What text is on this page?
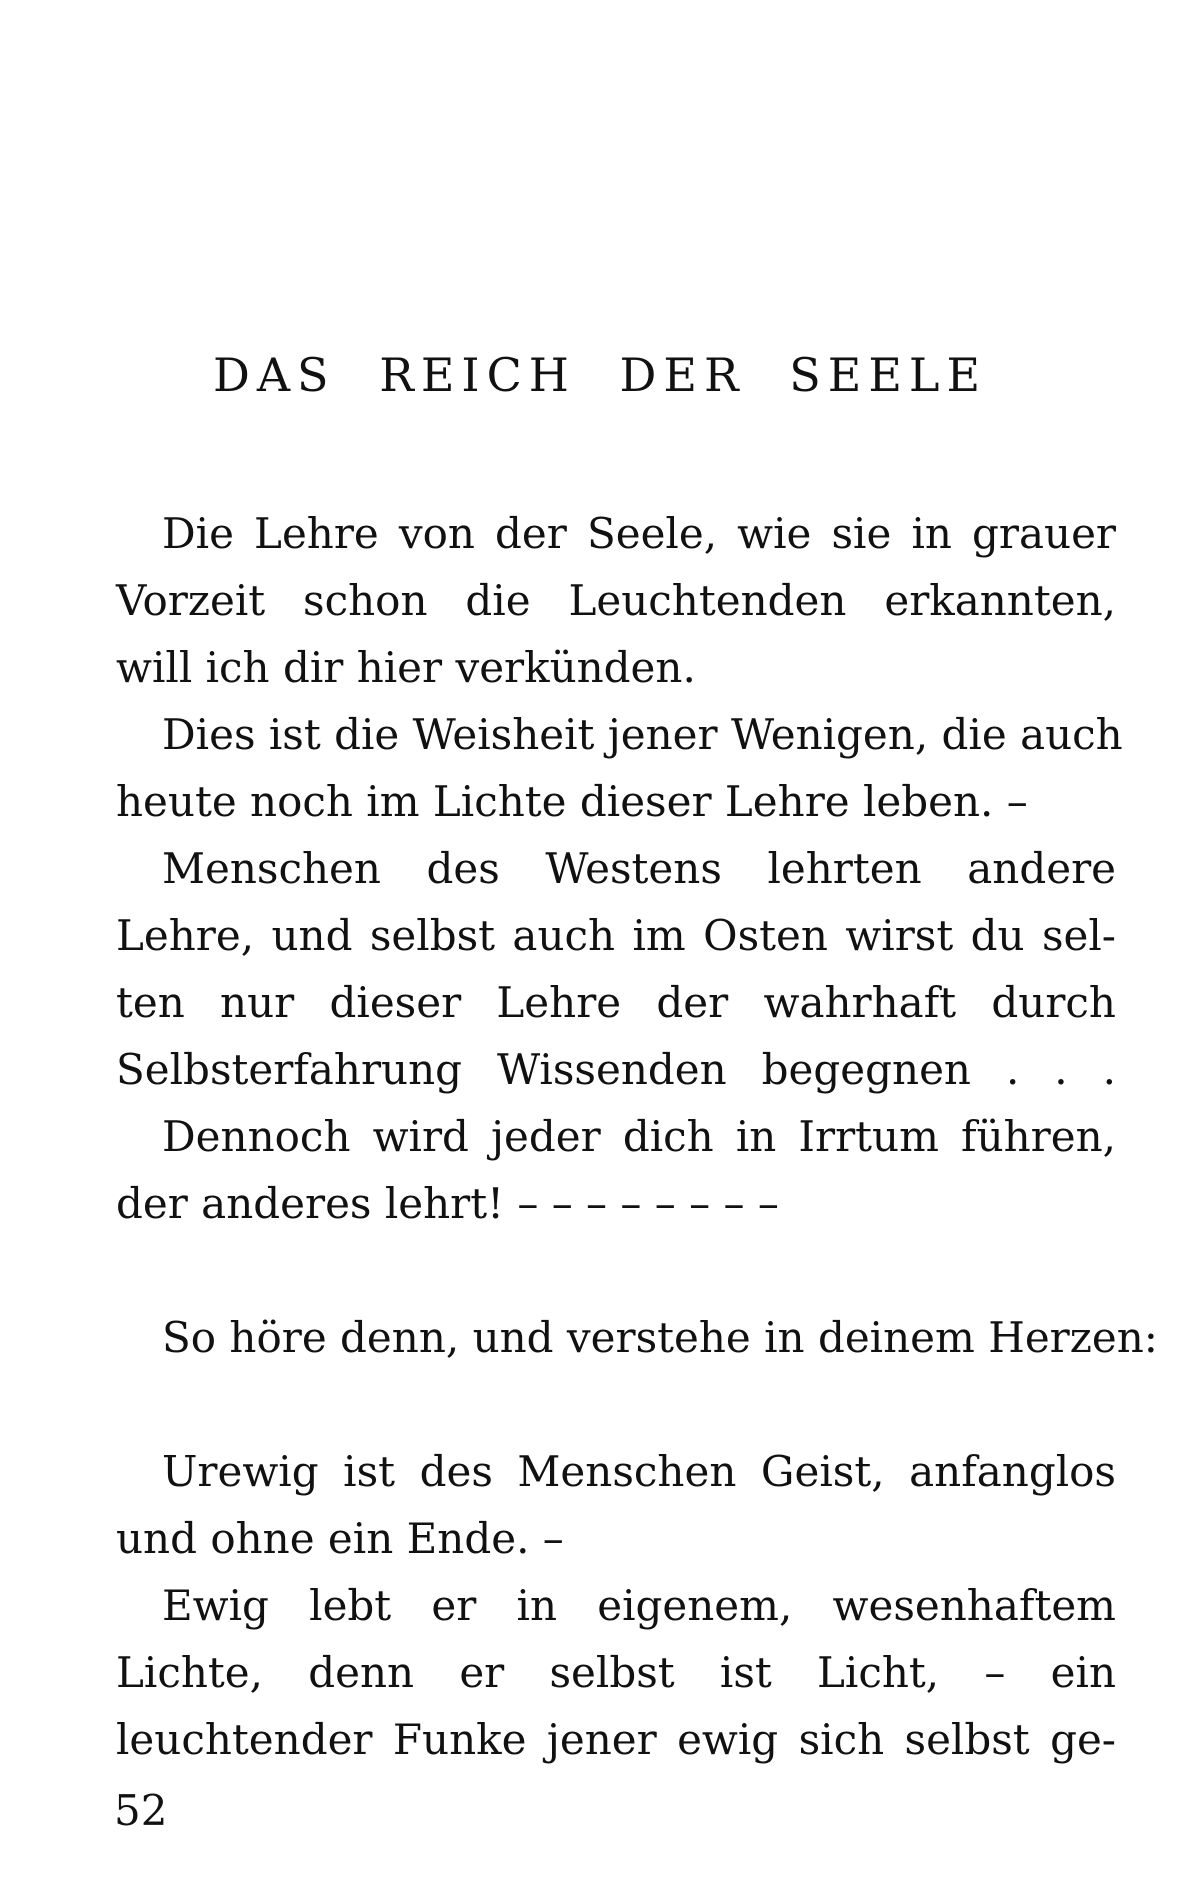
DAS REICH DER SEELE
Die Lehre von der Seele, wie sie in grauer
Vorzeit schon die Leuchtenden erkannten,
will ich dir hier verkünden.
Dies ist die Weisheit jener Wenigen, die auch
heute noch im Lichte dieser Lehre leben. –
Menschen des Westens lehrten andere
Lehre, und selbst auch im Osten wirst du sel-
ten nur dieser Lehre der wahrhaft durch
Selbsterfahrung Wissenden begegnen . . .
Dennoch wird jeder dich in Irrtum führen,
der anderes lehrt! – – – – – – – –
So höre denn, und verstehe in deinem Herzen:
Urewig ist des Menschen Geist, anfanglos
und ohne ein Ende. –
Ewig lebt er in eigenem, wesenhaftem
Lichte, denn er selbst ist Licht, – ein
leuchtender Funke jener ewig sich selbst ge-

52
